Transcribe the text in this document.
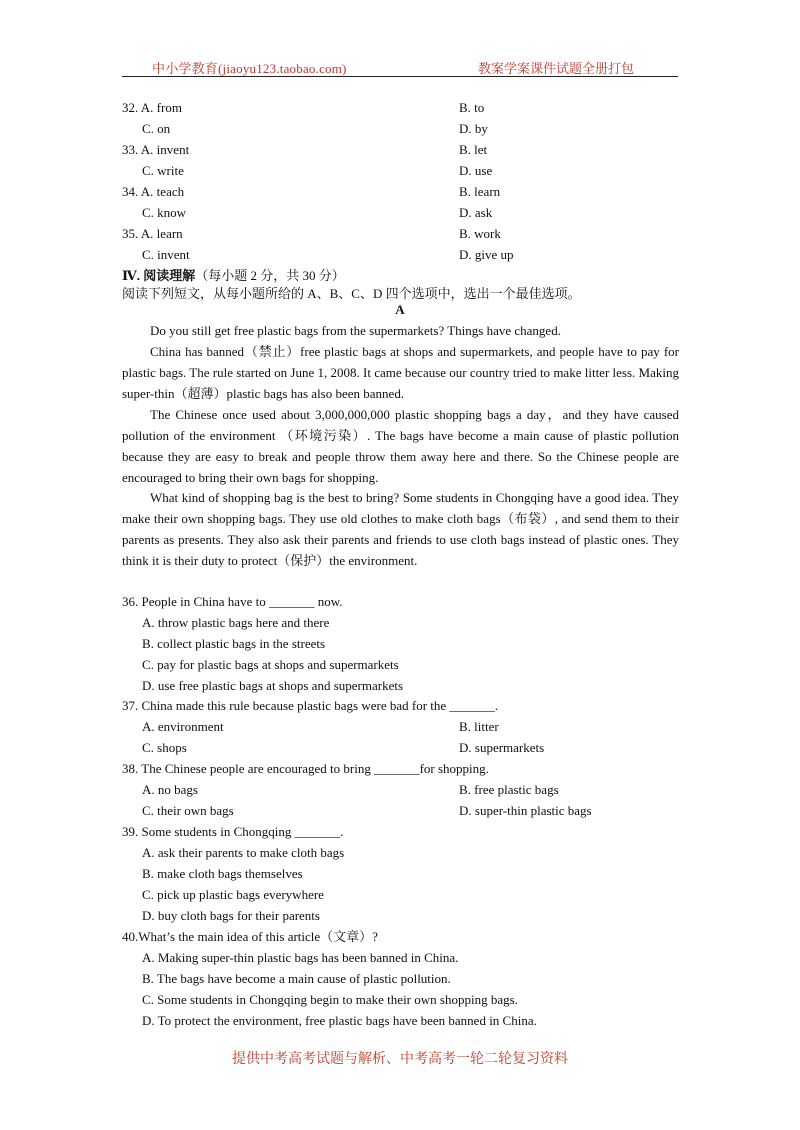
中小学教育(jiaoyu123.taobao.com)	教案学案课件试题全册打包
32. A. from	B. to
C. on	D. by
33. A. invent	B. let
C. write	D. use
34. A. teach	B. learn
C. know	D. ask
35. A. learn	B. work
C. invent	D. give up
Ⅳ. 阅读理解（每小题 2 分，共 30 分）
阅读下列短文，从每小题所给的 A、B、C、D 四个选项中，选出一个最佳选项。
A
Do you still get free plastic bags from the supermarkets? Things have changed.
China has banned（禁止）free plastic bags at shops and supermarkets, and people have to pay for plastic bags. The rule started on June 1, 2008. It came because our country tried to make litter less. Making super-thin（超薄）plastic bags has also been banned.
The Chinese once used about 3,000,000,000 plastic shopping bags a day，and they have caused pollution of the environment （环境污染）. The bags have become a main cause of plastic pollution because they are easy to break and people throw them away here and there. So the Chinese people are encouraged to bring their own bags for shopping.
What kind of shopping bag is the best to bring? Some students in Chongqing have a good idea. They make their own shopping bags. They use old clothes to make cloth bags（布袋）, and send them to their parents as presents. They also ask their parents and friends to use cloth bags instead of plastic ones. They think it is their duty to protect（保护）the environment.
36. People in China have to _______ now.
A. throw plastic bags here and there
B. collect plastic bags in the streets
C. pay for plastic bags at shops and supermarkets
D. use free plastic bags at shops and supermarkets
37. China made this rule because plastic bags were bad for the _______.
A. environment	B. litter
C. shops	D. supermarkets
38. The Chinese people are encouraged to bring _______for shopping.
A. no bags	B. free plastic bags
C. their own bags	D. super-thin plastic bags
39. Some students in Chongqing _______.
A. ask their parents to make cloth bags
B. make cloth bags themselves
C. pick up plastic bags everywhere
D. buy cloth bags for their parents
40.What’s the main idea of this article（文章）?
A. Making super-thin plastic bags has been banned in China.
B. The bags have become a main cause of plastic pollution.
C. Some students in Chongqing begin to make their own shopping bags.
D. To protect the environment, free plastic bags have been banned in China.
提供中考高考试题与解析、中考高考一轮二轮复习资料
